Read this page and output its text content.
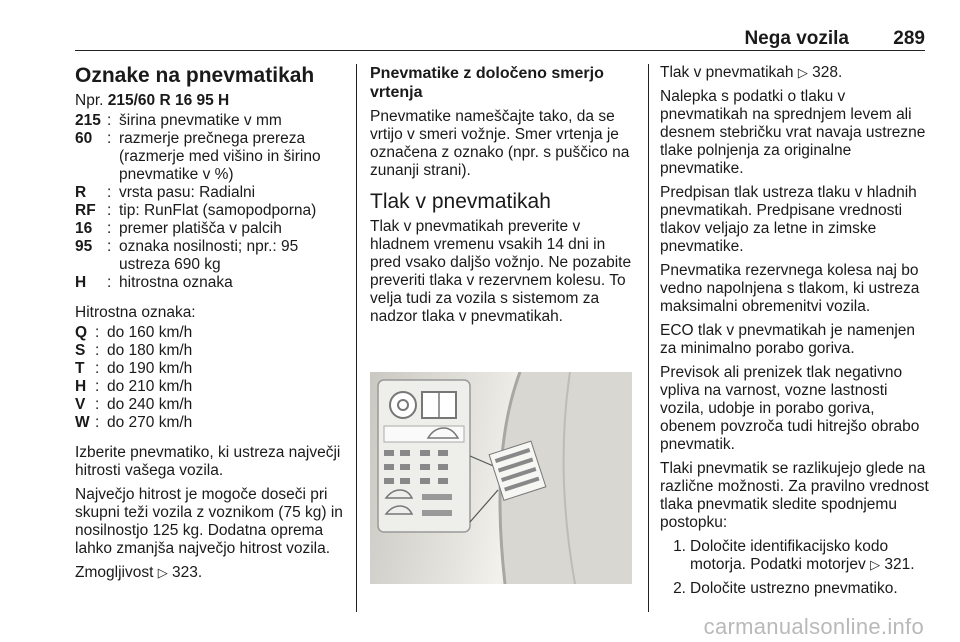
Nega vozila 289
Oznake na pnevmatikah

Npr. 215/60 R 16 95 H

215 : širina pnevmatike v mm
60 : razmerje prečnega prereza (razmerje med višino in širino pnevmatike v %)
R	: vrsta pasu: Radialni
RF : tip: RunFlat (samopodporna)
16 : premer platišča v palcih
95 : oznaka nosilnosti; npr.: 95 ustreza 690 kg
H	: hitrostna oznaka

Hitrostna oznaka:

Q : do 160 km/h
S : do 180 km/h
T : do 190 km/h
H : do 210 km/h
V : do 240 km/h
W : do 270 km/h

Izberite pnevmatiko, ki ustreza največji hitrosti vašega vozila.

Največjo hitrost je mogoče doseči pri skupni teži vozila z voznikom (75 kg) in nosilnostjo 125 kg. Dodatna oprema lahko zmanjša največjo hitrost vozila.

Zmogljivost ▷ 323.

Pnevmatike z določeno smerjo vrtenja

Pnevmatike nameščajte tako, da se vrtijo v smeri vožnje. Smer vrtenja je označena z oznako (npr. s puščico na zunanji strani).

Tlak v pnevmatikah

Tlak v pnevmatikah preverite v hladnem vremenu vsakih 14 dni in pred vsako daljšo vožnjo. Ne pozabite preveriti tlaka v rezervnem kolesu. To velja tudi za vozila s sistemom za nadzor tlaka v pnevmatikah.

Tlak v pnevmatikah ▷ 328.

Nalepka s podatki o tlaku v pnevmatikah na sprednjem levem ali desnem stebričku vrat navaja ustrezne tlake polnjenja za originalne pnevmatike.

Predpisan tlak ustreza tlaku v hladnih pnevmatikah. Predpisane vrednosti tlakov veljajo za letne in zimske pnevmatike.

Pnevmatika rezervnega kolesa naj bo vedno napolnjena s tlakom, ki ustreza maksimalni obremenitvi vozila.

ECO tlak v pnevmatikah je namenjen za minimalno porabo goriva.

Previsok ali prenizek tlak negativno vpliva na varnost, vozne lastnosti vozila, udobje in porabo goriva, obenem povzroča tudi hitrejšo obrabo pnevmatik.

Tlaki pnevmatik se razlikujejo glede na različne možnosti. Za pravilno vrednost tlaka pnevmatik sledite spodnjemu postopku:

1. Določite identifikacijsko kodo motorja. Podatki motorjev ▷ 321.
2. Določite ustrezno pnevmatiko.
carmanualsonline.info
